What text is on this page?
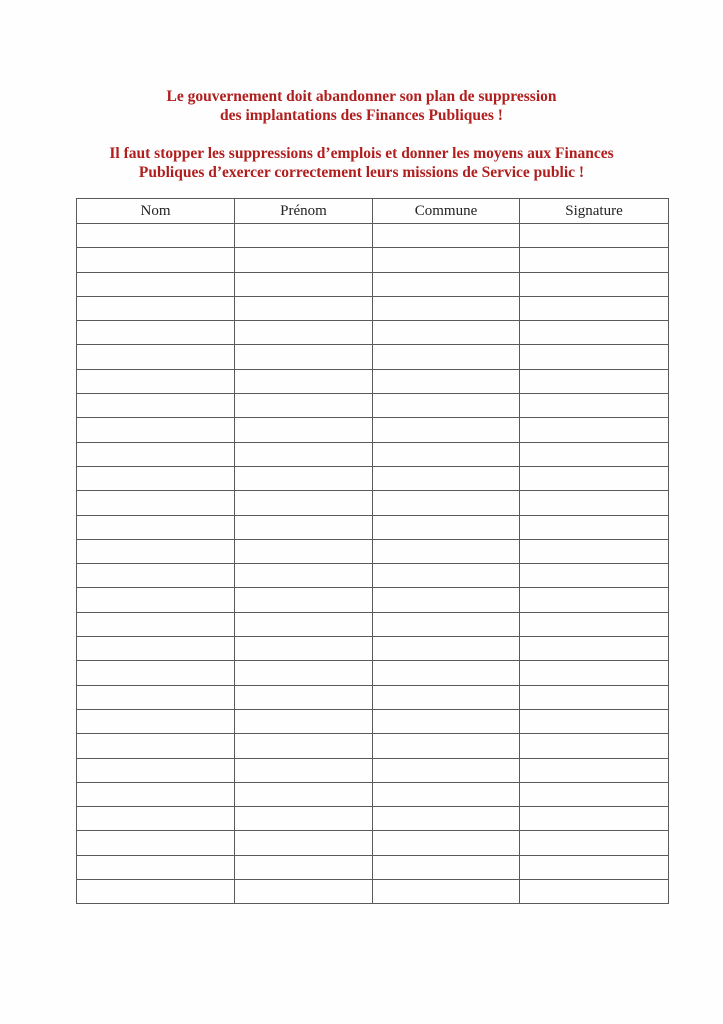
Le gouvernement doit abandonner son plan de suppression
des implantations des Finances Publiques !
Il faut stopper les suppressions d’emplois et donner les moyens aux Finances
Publiques d’exercer correctement leurs missions de Service public !
Nom	Prénom	Commune	Signature
